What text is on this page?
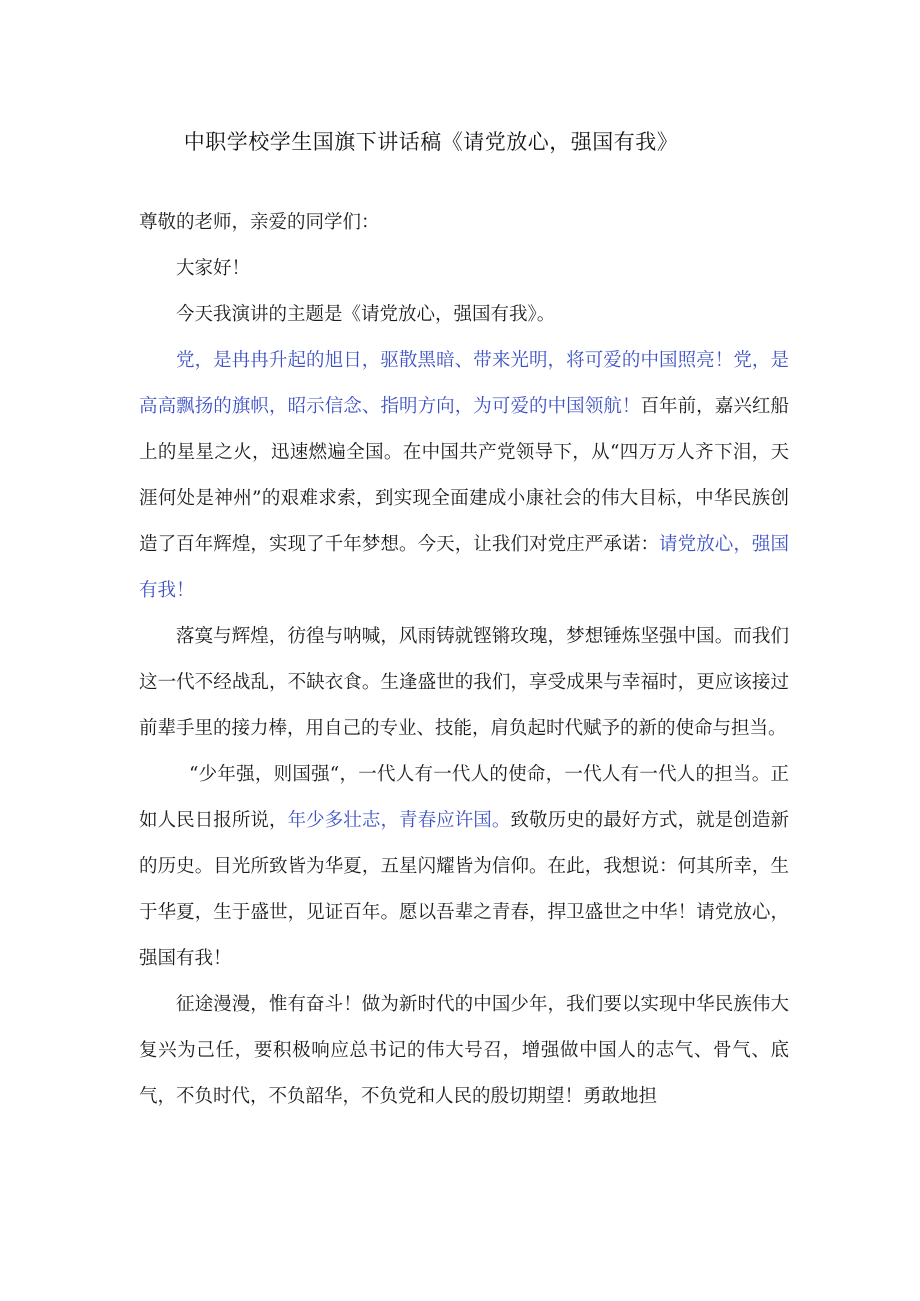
中职学校学生国旗下讲话稿《请党放心，强国有我》

尊敬的老师，亲爱的同学们：

大家好！

今天我演讲的主题是《请党放心，强国有我》。

党，是冉冉升起的旭日，驱散黑暗、带来光明，将可爱的中国照亮！党，是高高飘扬的旗帜，昭示信念、指明方向，为可爱的中国领航！百年前，嘉兴红船上的星星之火，迅速燃遍全国。在中国共产党领导下，从“四万万人齐下泪，天涯何处是神州”的艰难求索，到实现全面建成小康社会的伟大目标，中华民族创造了百年辉煌，实现了千年梦想。今天，让我们对党庄严承诺：请党放心，强国有我！

落寞与辉煌，彷徨与呐喊，风雨铸就铿锵玫瑰，梦想锤炼坚强中国。而我们这一代不经战乱，不缺衣食。生逢盛世的我们，享受成果与幸福时，更应该接过前辈手里的接力棒，用自己的专业、技能，肩负起时代赋予的新的使命与担当。

“少年强，则国强“，一代人有一代人的使命，一代人有一代人的担当。正如人民日报所说，年少多壮志，青春应许国。致敬历史的最好方式，就是创造新的历史。目光所致皆为华夏，五星闪耀皆为信仰。在此，我想说：何其所幸，生于华夏，生于盛世，见证百年。愿以吾辈之青春，捍卫盛世之中华！请党放心，强国有我！

征途漫漫，惟有奋斗！做为新时代的中国少年，我们要以实现中华民族伟大复兴为己任，要积极响应总书记的伟大号召，增强做中国人的志气、骨气、底气，不负时代，不负韶华，不负党和人民的殷切期望！勇敢地担
